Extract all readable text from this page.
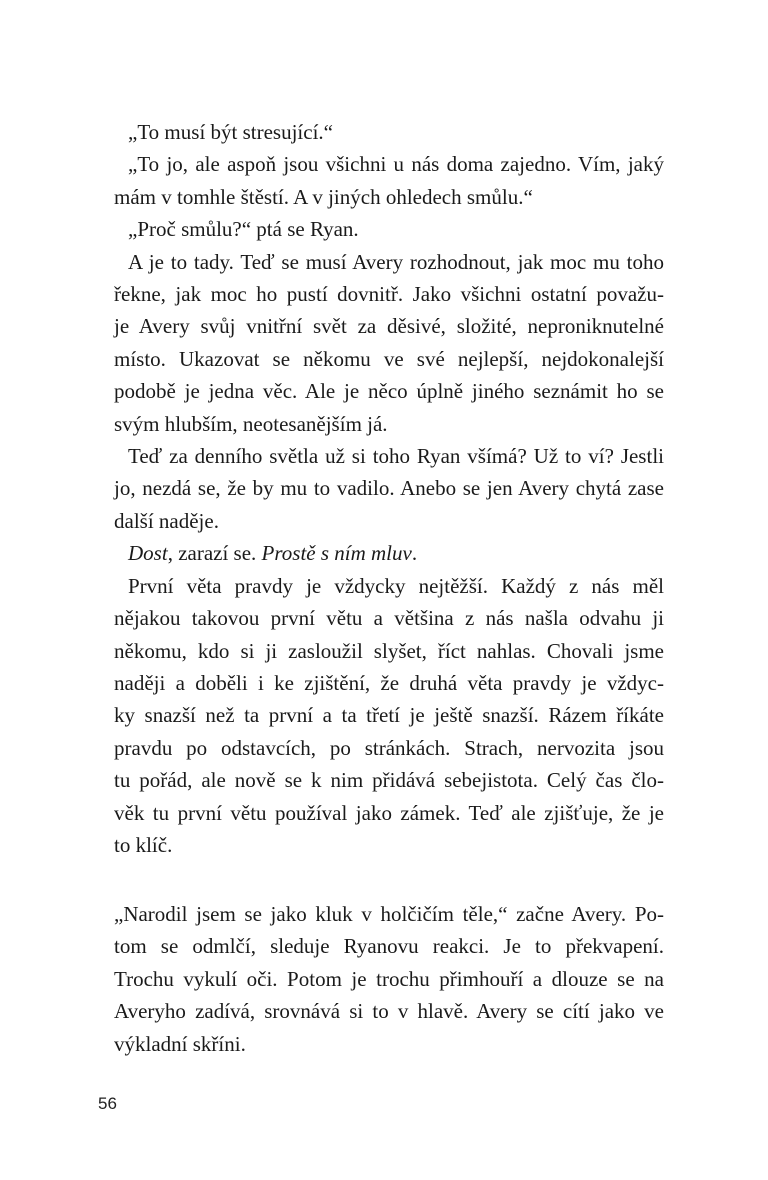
„To musí být stresující.“

„To jo, ale aspoň jsou všichni u nás doma zajedno. Vím, jaký
mám v tomhle štěstí. A v jiných ohledech smůlu.“

„Proč smůlu?“ ptá se Ryan.

A je to tady. Teď se musí Avery rozhodnout, jak moc mu toho
řekne, jak moc ho pustí dovnitř. Jako všichni ostatní považu-
je Avery svůj vnitřní svět za děsivé, složité, neproniknutelné
místo. Ukazovat se někomu ve své nejlepší, nejdokonalejší
podobě je jedna věc. Ale je něco úplně jiného seznámit ho se
svým hlubším, neotesanějším já.

Teď za denního světla už si toho Ryan všímá? Už to ví? Jestli
jo, nezdá se, že by mu to vadilo. Anebo se jen Avery chytá zase
další naděje.

Dost, zarazí se. Prostě s ním mluv.

První věta pravdy je vždycky nejtěžší. Každý z nás měl
nějakou takovou první větu a většina z nás našla odvahu ji
někomu, kdo si ji zasloužil slyšet, říct nahlas. Chovali jsme
naději a doběli i ke zjištění, že druhá věta pravdy je vždyc-
ky snazší než ta první a ta třetí je ještě snazší. Rázem říkáte
pravdu po odstavcích, po stránkách. Strach, nervozita jsou
tu pořád, ale nově se k nim přidává sebejistota. Celý čas člo-
věk tu první větu používal jako zámek. Teď ale zjišťuje, že je
to klíč.

„Narodil jsem se jako kluk v holčičím těle,“ začne Avery. Po-
tom se odmlčí, sleduje Ryanovu reakci. Je to překvapení.
Trochu vykulí oči. Potom je trochu přimhouří a dlouze se na
Averyho zadívá, srovnává si to v hlavě. Avery se cítí jako ve
výkladní skříni.

56
